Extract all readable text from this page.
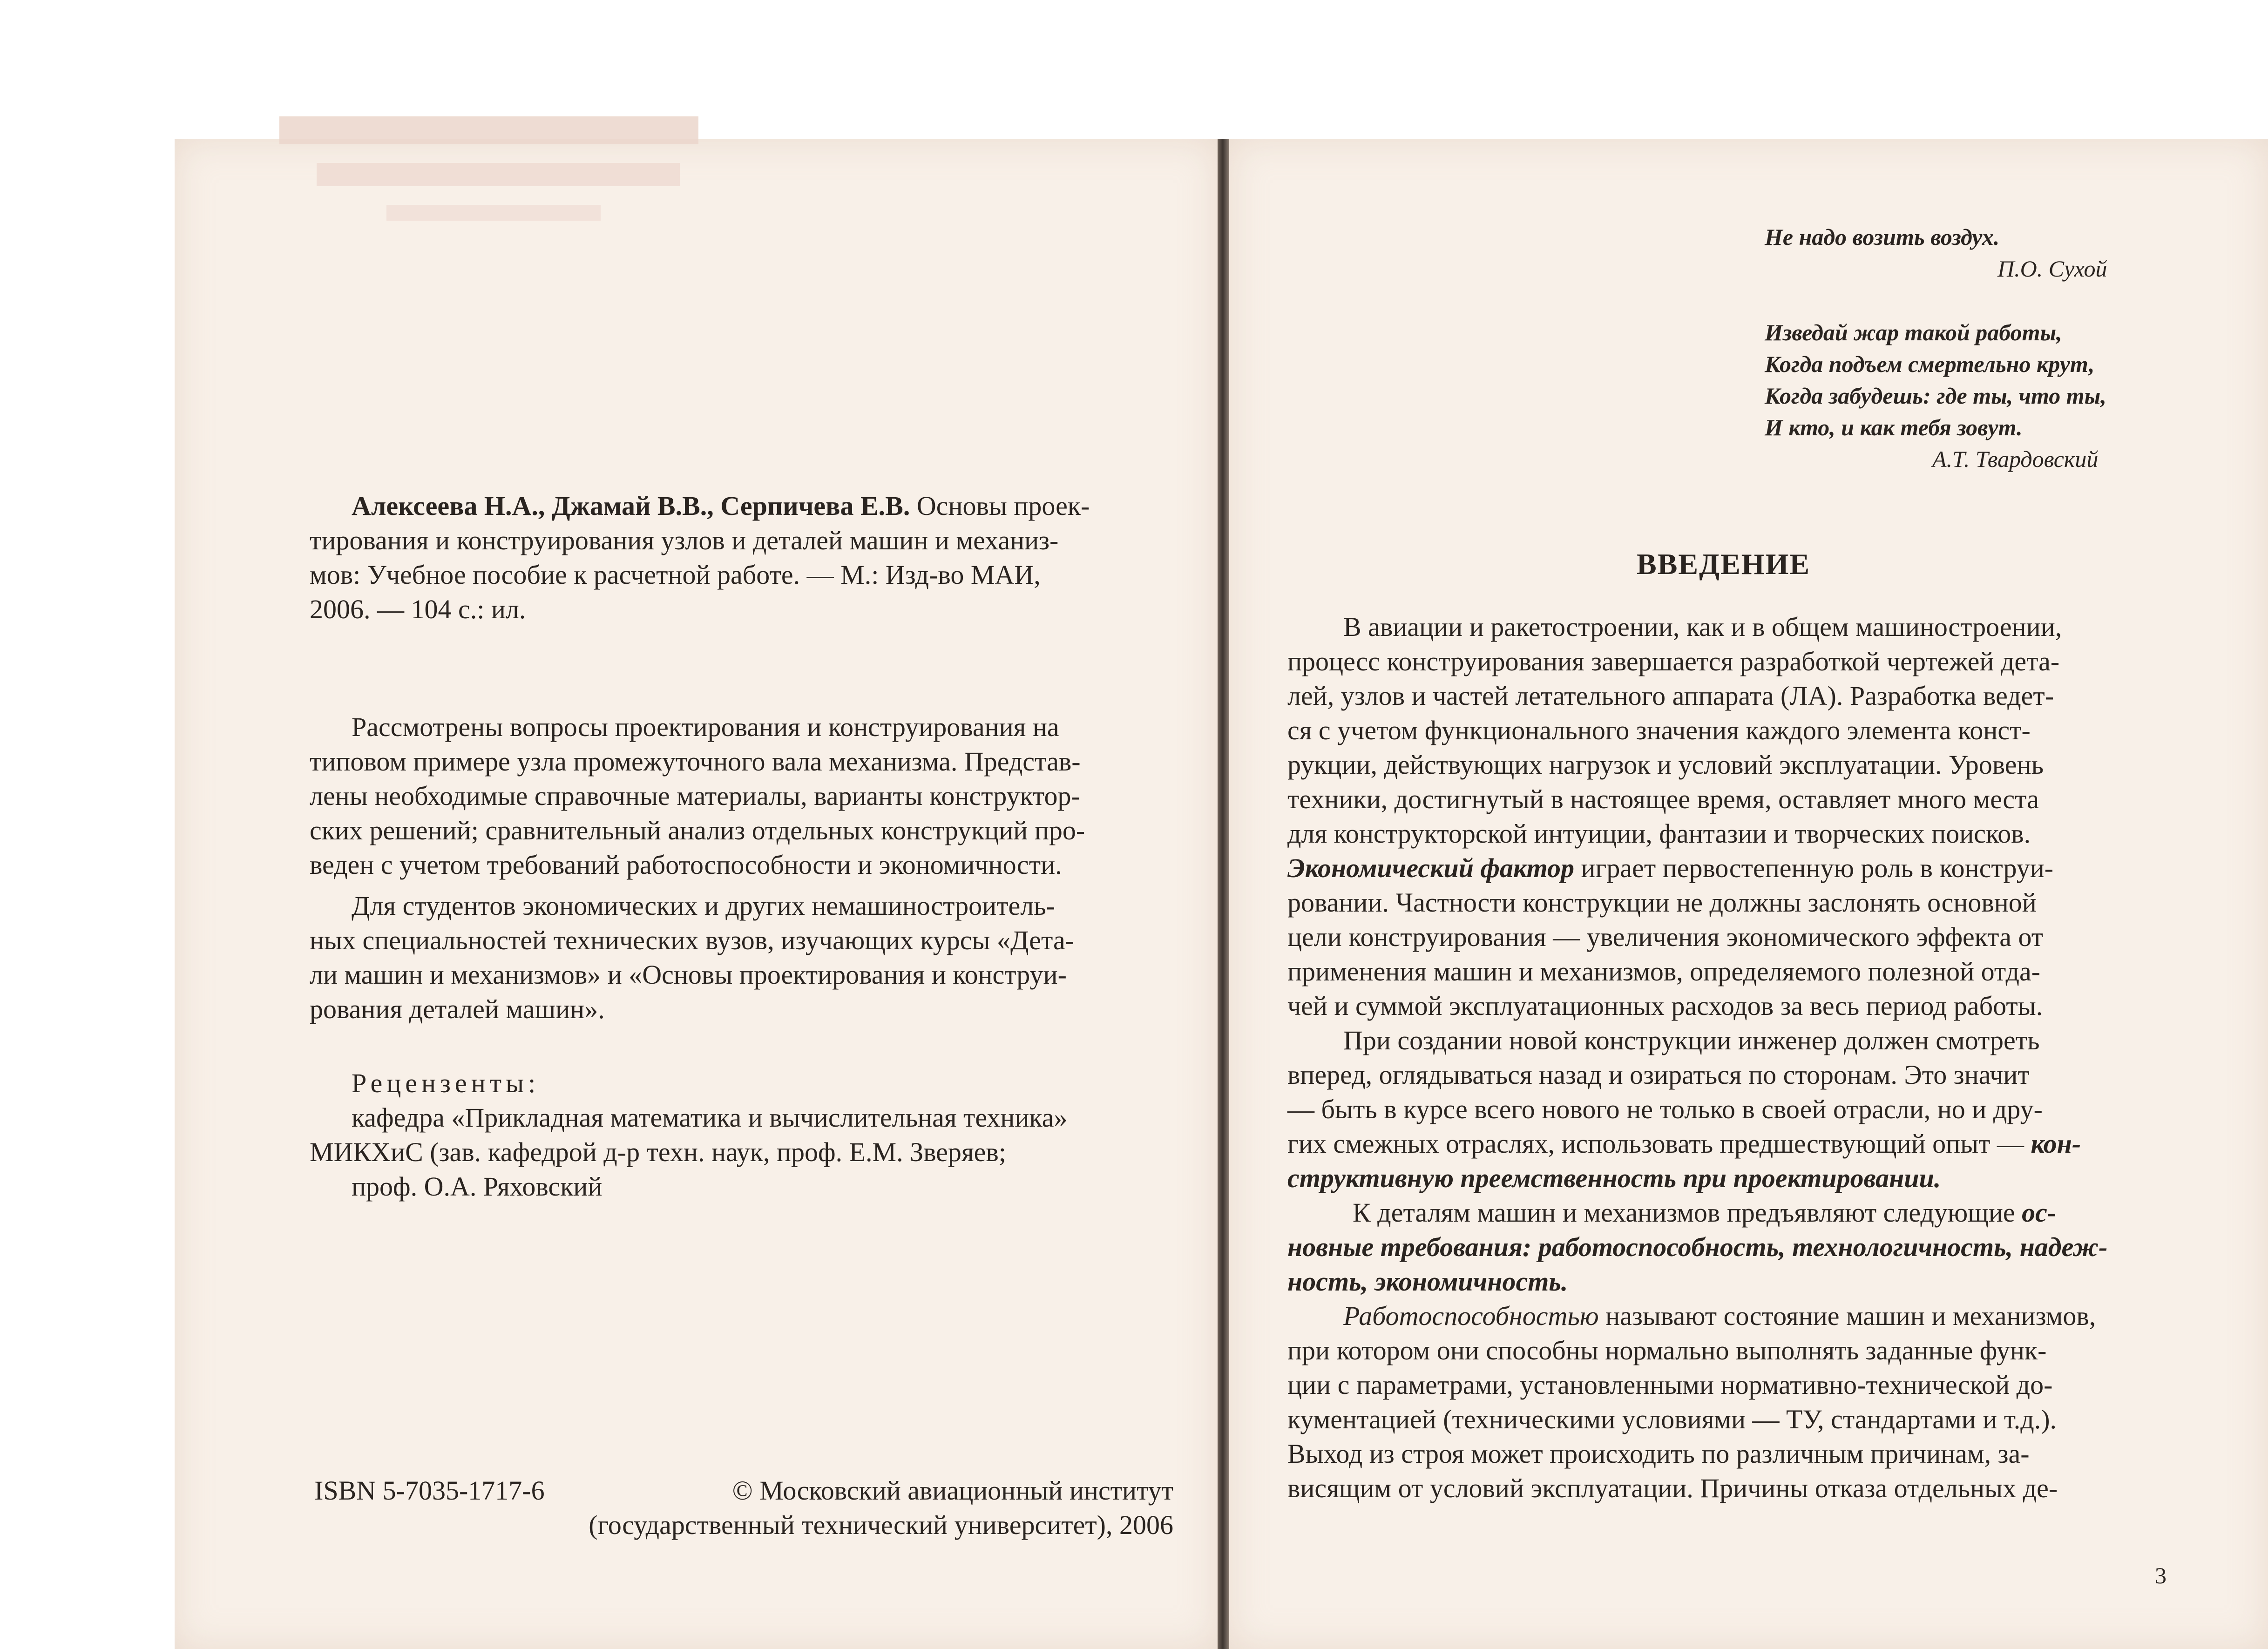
Алексеева Н.А., Джамай В.В., Серпичева Е.В. Основы проек-
тирования и конструирования узлов и деталей машин и механиз-
мов: Учебное пособие к расчетной работе. — М.: Изд-во МАИ,
2006. — 104 с.: ил.
Рассмотрены вопросы проектирования и конструирования на
типовом примере узла промежуточного вала механизма. Представ-
лены необходимые справочные материалы, варианты конструктор-
ских решений; сравнительный анализ отдельных конструкций про-
веден с учетом требований работоспособности и экономичности.
Для студентов экономических и других немашиностроитель-
ных специальностей технических вузов, изучающих курсы «Дета-
ли машин и механизмов» и «Основы проектирования и конструи-
рования деталей машин».
Рецензенты:
кафедра «Прикладная математика и вычислительная техника»
МИКХиС (зав. кафедрой д-р техн. наук, проф. Е.М. Зверяев;
проф. О.А. Ряховский
ISBN 5-7035-1717-6	© Московский авиационный институт
(государственный технический университет), 2006
Не надо возить воздух.
П.О. Сухой
Изведай жар такой работы,
Когда подъем смертельно крут,
Когда забудешь: где ты, что ты,
И кто, и как тебя зовут.
А.Т. Твардовский
ВВЕДЕНИЕ
В авиации и ракетостроении, как и в общем машиностроении,
процесс конструирования завершается разработкой чертежей дета-
лей, узлов и частей летательного аппарата (ЛА). Разработка ведет-
ся с учетом функционального значения каждого элемента конст-
рукции, действующих нагрузок и условий эксплуатации. Уровень
техники, достигнутый в настоящее время, оставляет много места
для конструкторской интуиции, фантазии и творческих поисков.
Экономический фактор играет первостепенную роль в конструи-
ровании. Частности конструкции не должны заслонять основной
цели конструирования — увеличения экономического эффекта от
применения машин и механизмов, определяемого полезной отда-
чей и суммой эксплуатационных расходов за весь период работы.
При создании новой конструкции инженер должен смотреть
вперед, оглядываться назад и озираться по сторонам. Это значит
— быть в курсе всего нового не только в своей отрасли, но и дру-
гих смежных отраслях, использовать предшествующий опыт — кон-
структивную преемственность при проектировании.
К деталям машин и механизмов предъявляют следующие ос-
новные требования: работоспособность, технологичность, надеж-
ность, экономичность.
Работоспособностью называют состояние машин и механизмов,
при котором они способны нормально выполнять заданные функ-
ции с параметрами, установленными нормативно-технической до-
кументацией (техническими условиями — ТУ, стандартами и т.д.).
Выход из строя может происходить по различным причинам, за-
висящим от условий эксплуатации. Причины отказа отдельных де-
3
